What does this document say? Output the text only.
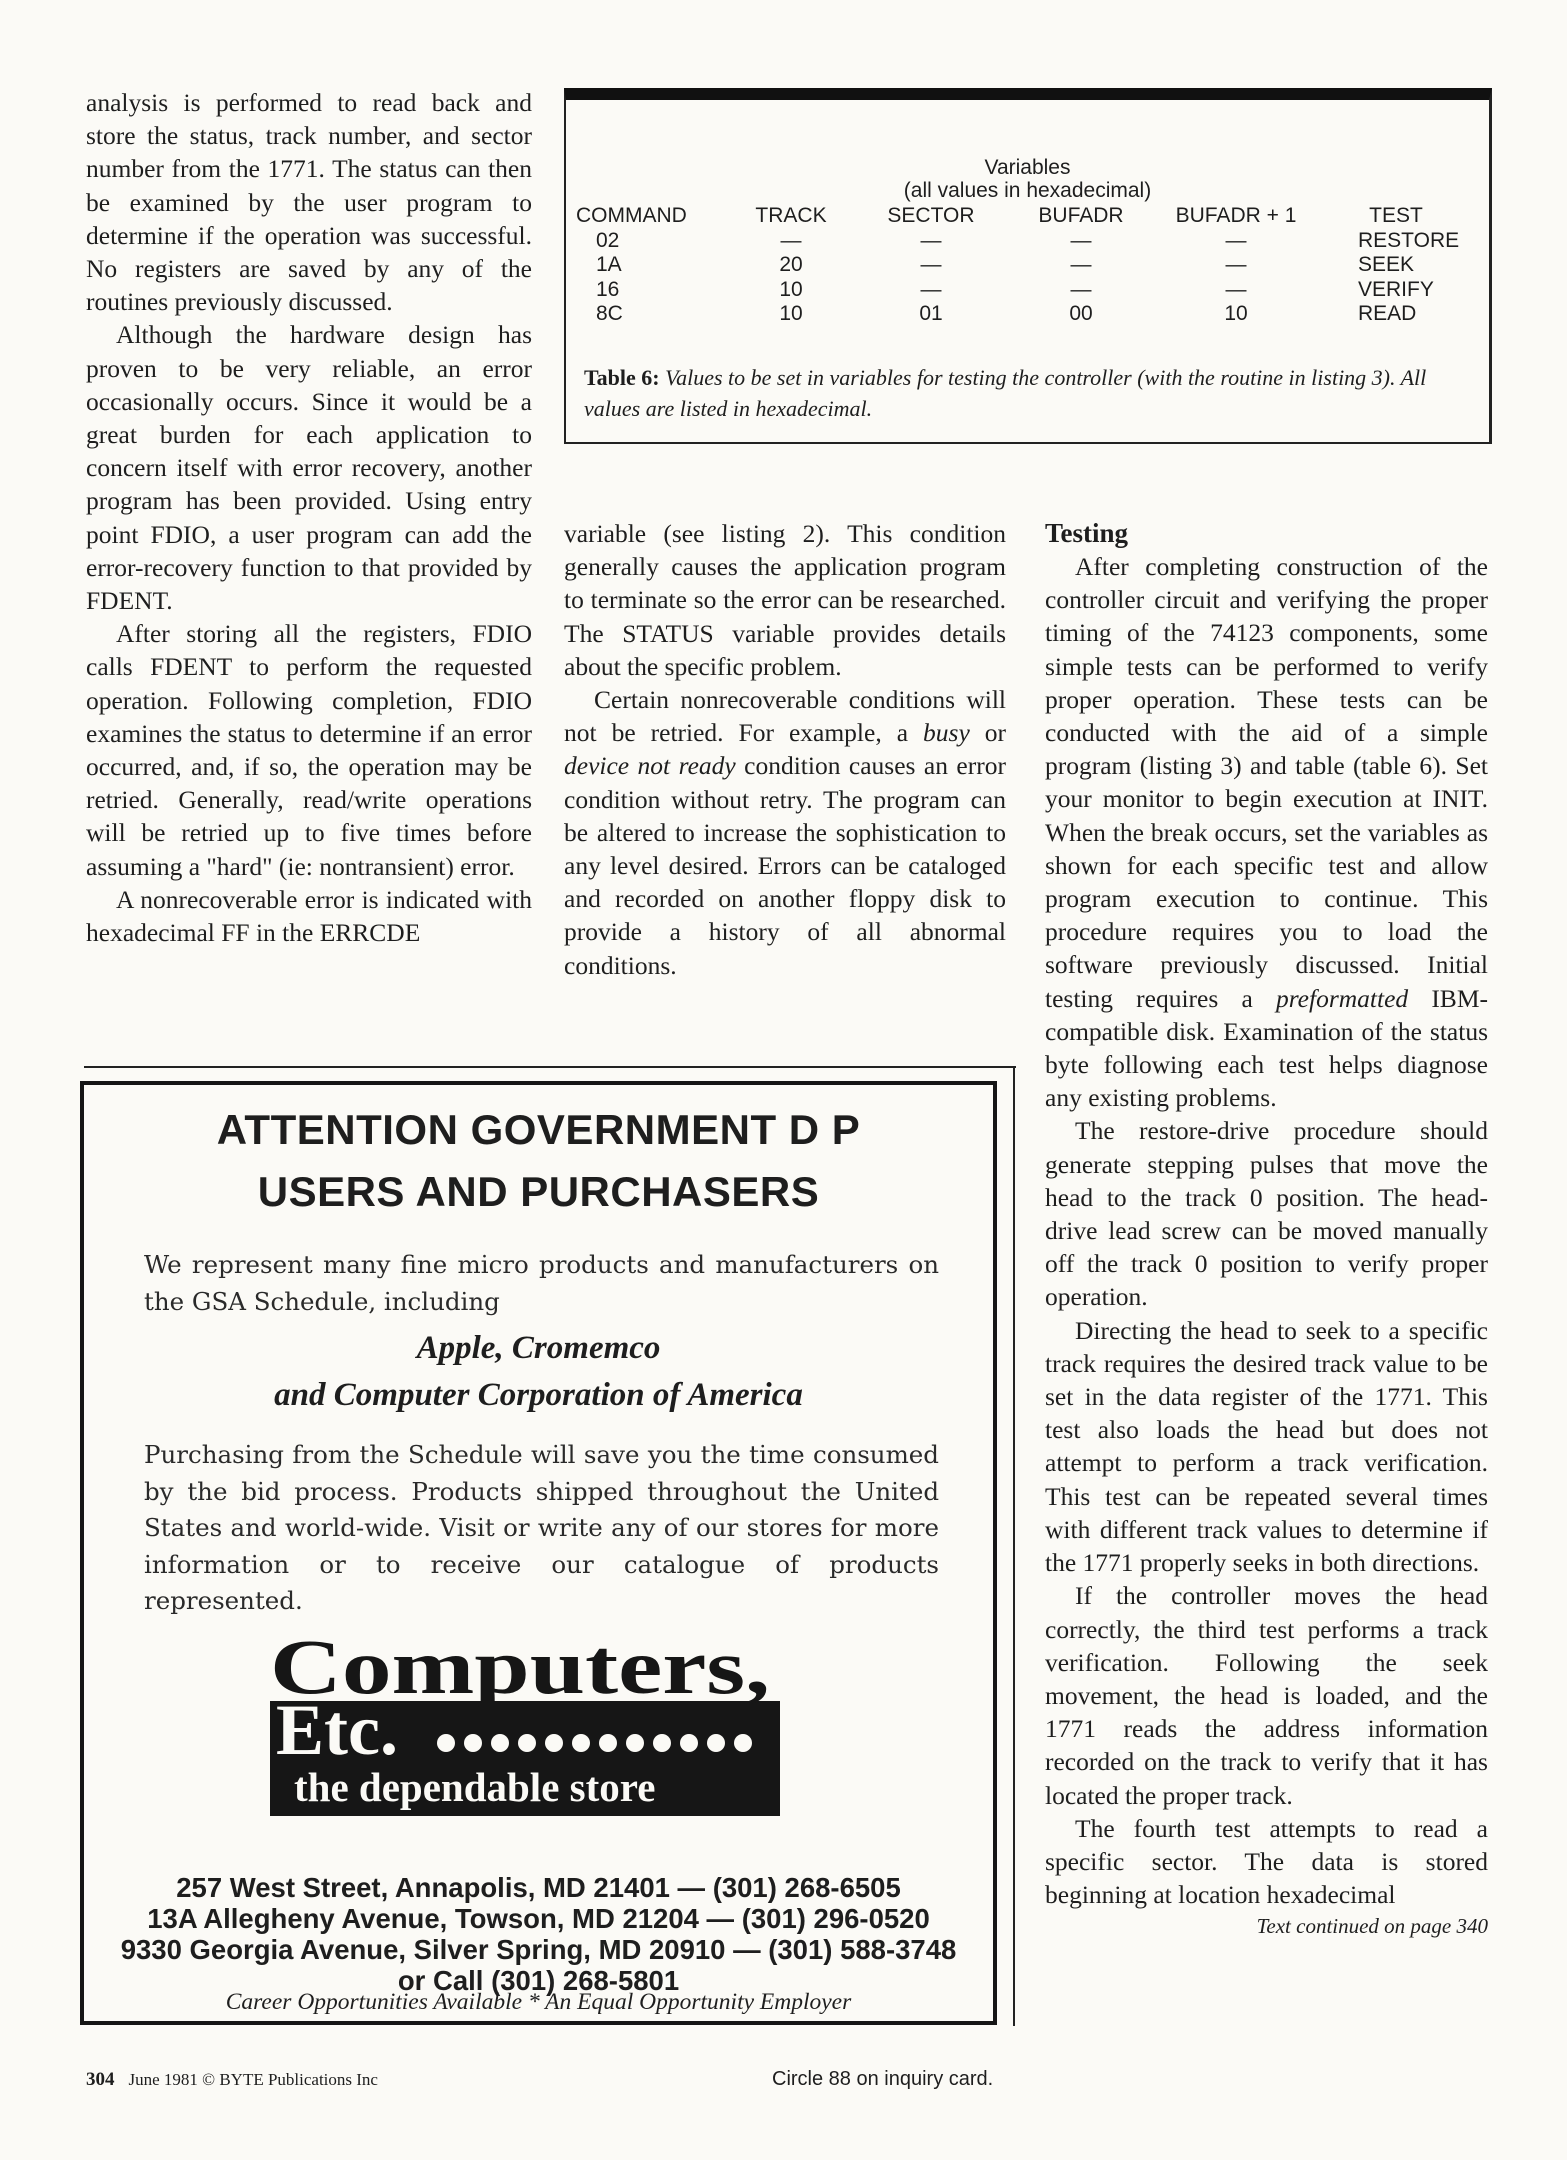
analysis is performed to read back and store the status, track number, and sector number from the 1771. The status can then be examined by the user program to determine if the operation was successful. No registers are saved by any of the routines previously discussed.

Although the hardware design has proven to be very reliable, an error occasionally occurs. Since it would be a great burden for each application to concern itself with error recovery, another program has been provided. Using entry point FDIO, a user program can add the error-recovery function to that provided by FDENT.

After storing all the registers, FDIO calls FDENT to perform the requested operation. Following completion, FDIO examines the status to determine if an error occurred, and, if so, the operation may be retried. Generally, read/write operations will be retried up to five times before assuming a "hard" (ie: nontransient) error.

A nonrecoverable error is indicated with hexadecimal FF in the ERRCDE

Variables
(all values in hexadecimal)
COMMAND	TRACK	SECTOR	BUFADR	BUFADR + 1	TEST
02	—	—	—	—	RESTORE
1A	20	—	—	—	SEEK
16	10	—	—	—	VERIFY
8C	10	01	00	10	READ
Table 6: Values to be set in variables for testing the controller (with the routine in listing 3). All values are listed in hexadecimal.

variable (see listing 2). This condition generally causes the application program to terminate so the error can be researched. The STATUS variable provides details about the specific problem.

Certain nonrecoverable conditions will not be retried. For example, a busy or device not ready condition causes an error condition without retry. The program can be altered to increase the sophistication to any level desired. Errors can be cataloged and recorded on another floppy disk to provide a history of all abnormal conditions.

Testing

After completing construction of the controller circuit and verifying the proper timing of the 74123 components, some simple tests can be performed to verify proper operation. These tests can be conducted with the aid of a simple program (listing 3) and table (table 6). Set your monitor to begin execution at INIT. When the break occurs, set the variables as shown for each specific test and allow program execution to continue. This procedure requires you to load the software previously discussed. Initial testing requires a preformatted IBM-compatible disk. Examination of the status byte following each test helps diagnose any existing problems.

The restore-drive procedure should generate stepping pulses that move the head to the track 0 position. The head-drive lead screw can be moved manually off the track 0 position to verify proper operation.

Directing the head to seek to a specific track requires the desired track value to be set in the data register of the 1771. This test also loads the head but does not attempt to perform a track verification. This test can be repeated several times with different track values to determine if the 1771 properly seeks in both directions.

If the controller moves the head correctly, the third test performs a track verification. Following the seek movement, the head is loaded, and the 1771 reads the address information recorded on the track to verify that it has located the proper track.

The fourth test attempts to read a specific sector. The data is stored beginning at location hexadecimal

Text continued on page 340
ATTENTION GOVERNMENT D P
USERS AND PURCHASERS
We represent many fine micro products and manufacturers on the GSA Schedule, including
Apple, Cromemco
and Computer Corporation of America
Purchasing from the Schedule will save you the time consumed by the bid process. Products shipped throughout the United States and world-wide. Visit or write any of our stores for more information or to receive our catalogue of products represented.
Computers,
Etc.
the dependable store
257 West Street, Annapolis, MD 21401 — (301) 268-6505
13A Allegheny Avenue, Towson, MD 21204 — (301) 296-0520
9330 Georgia Avenue, Silver Spring, MD 20910 — (301) 588-3748
or Call (301) 268-5801
Career Opportunities Available * An Equal Opportunity Employer
304 June 1981 © BYTE Publications Inc	Circle 88 on inquiry card.
